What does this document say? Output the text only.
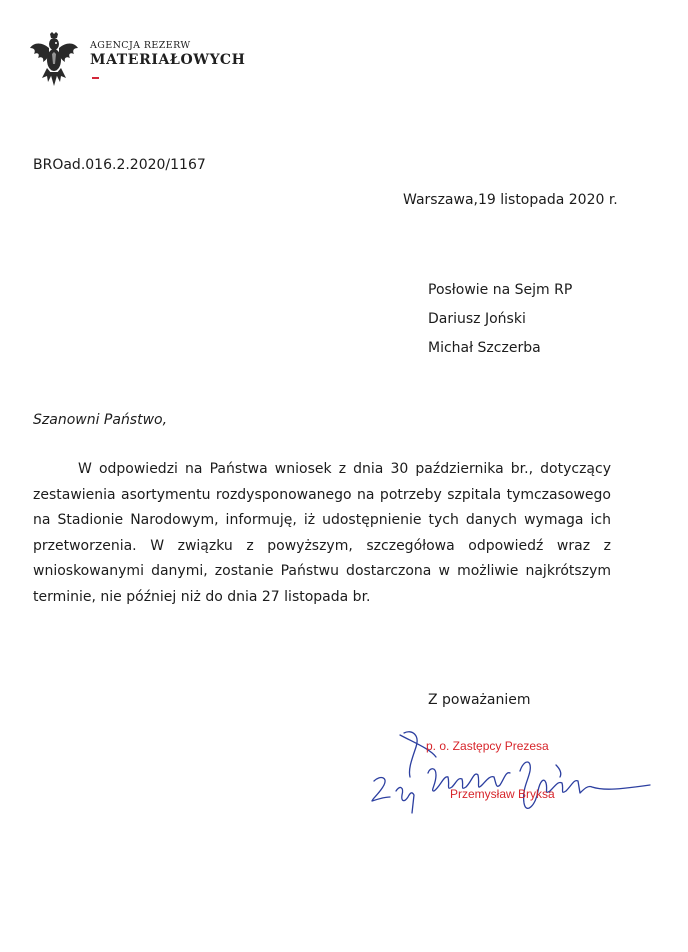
AGENCJA REZERW
MATERIAŁOWYCH
BROad.016.2.2020/1167
Warszawa,19 listopada 2020 r.
Posłowie na Sejm RP
Dariusz Joński
Michał Szczerba
Szanowni Państwo,
W odpowiedzi na Państwa wniosek z dnia 30 października br., dotyczący zestawienia asortymentu rozdysponowanego na potrzeby szpitala tymczasowego na Stadionie Narodowym, informuję, iż udostępnienie tych danych wymaga ich przetworzenia. W związku z powyższym, szczegółowa odpowiedź wraz z wnioskowanymi danymi, zostanie Państwu dostarczona w możliwie najkrótszym terminie, nie później niż do dnia 27 listopada br.
Z poważaniem
p. o. Zastępcy Prezesa
Przemysław Bryksa
